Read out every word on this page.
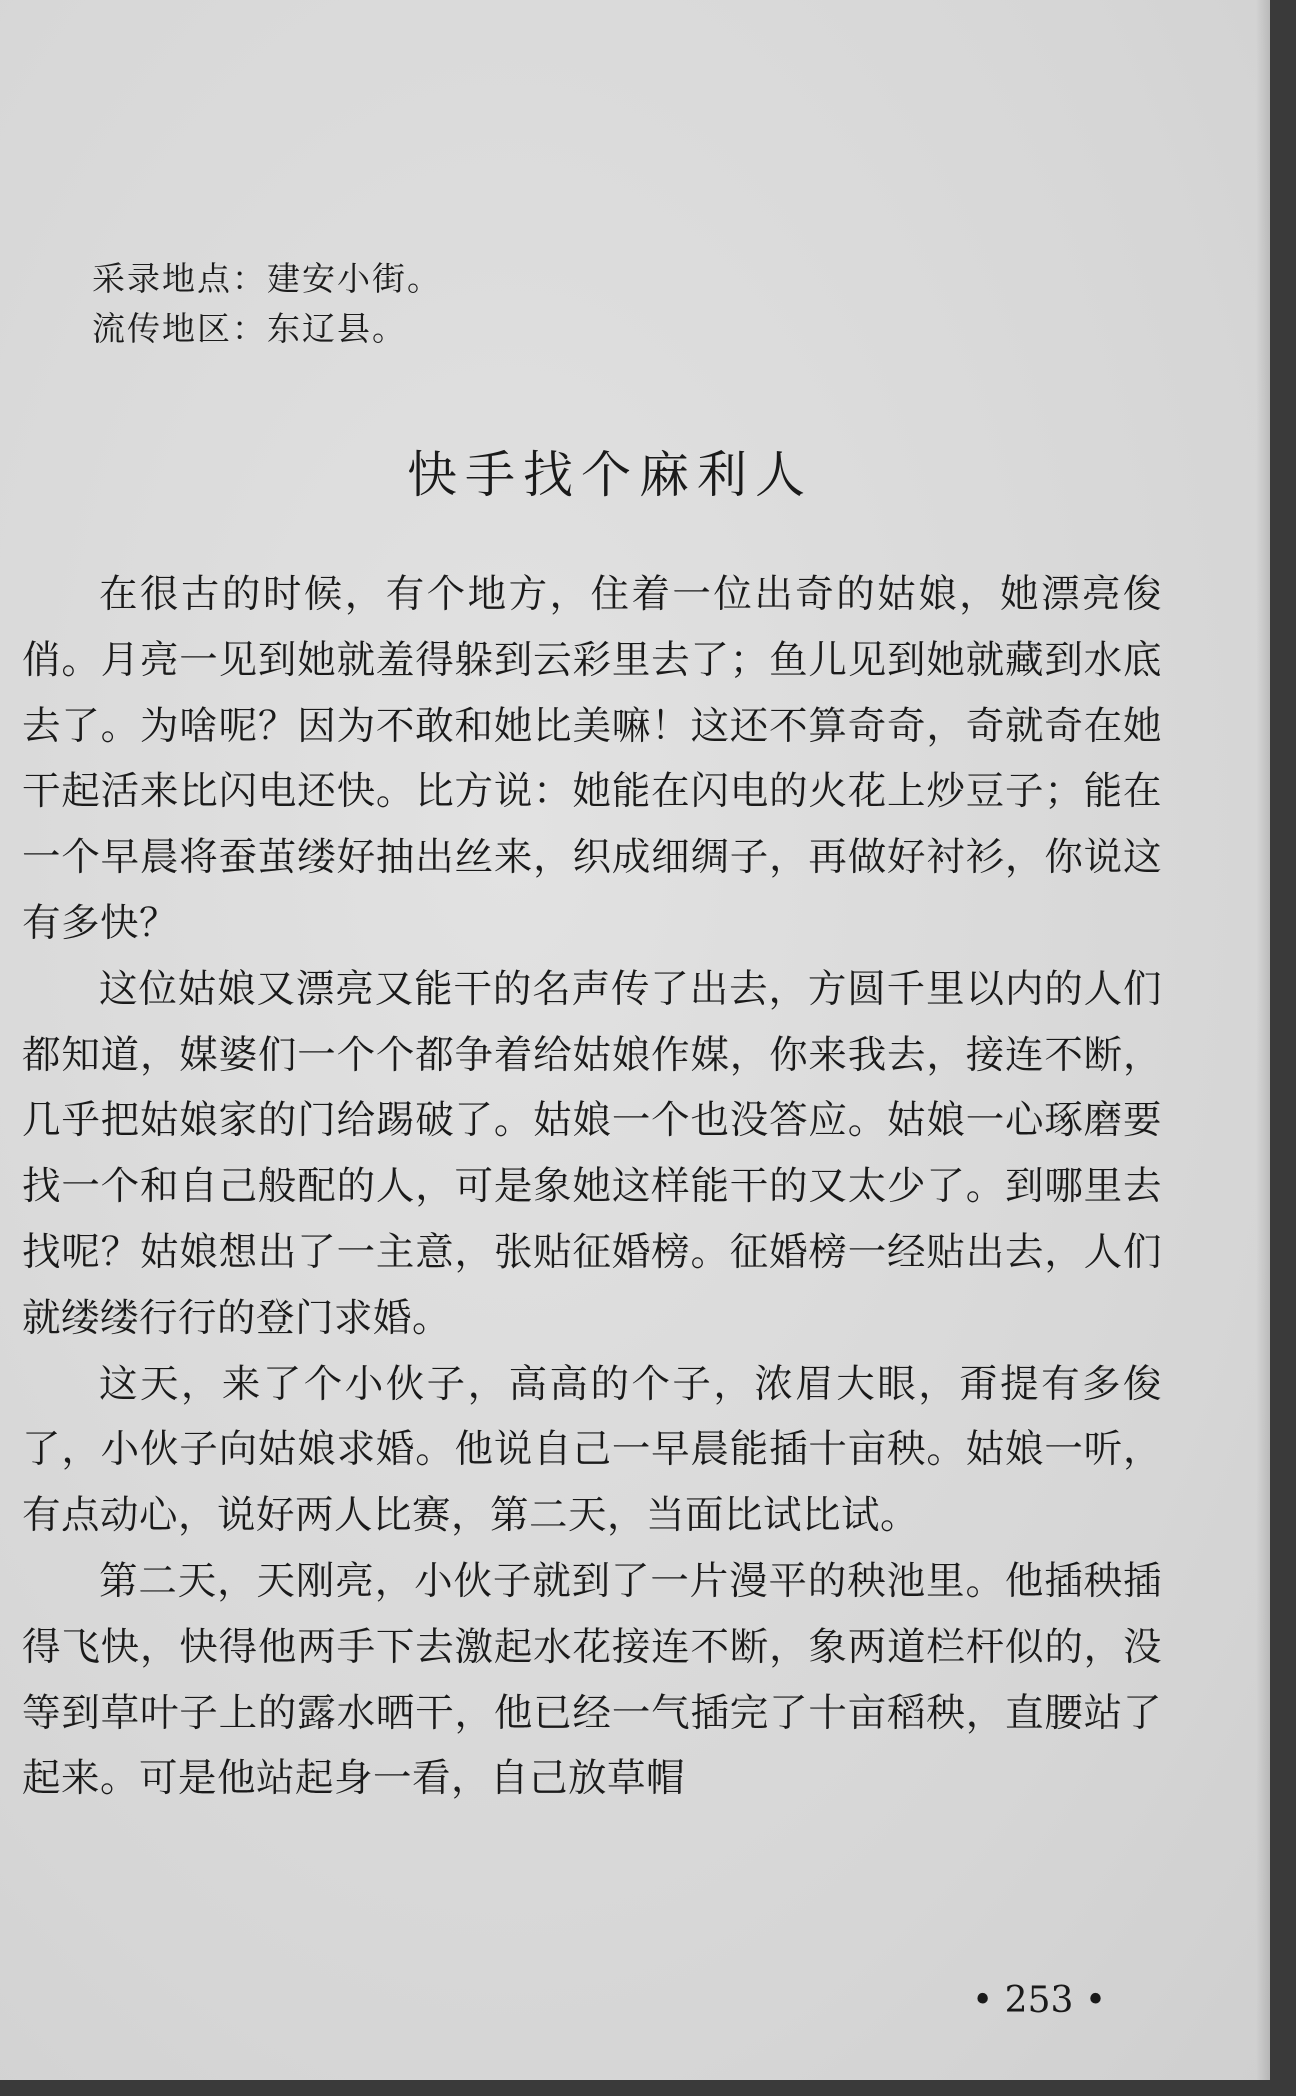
采录地点：建安小街。
流传地区：东辽县。
快手找个麻利人

在很古的时候，有个地方，住着一位出奇的姑娘，她漂亮俊俏。月亮一见到她就羞得躲到云彩里去了；鱼儿见到她就藏到水底去了。为啥呢？因为不敢和她比美嘛！这还不算奇奇，奇就奇在她干起活来比闪电还快。比方说：她能在闪电的火花上炒豆子；能在一个早晨将蚕茧缕好抽出丝来，织成细绸子，再做好衬衫，你说这有多快？

这位姑娘又漂亮又能干的名声传了出去，方圆千里以内的人们都知道，媒婆们一个个都争着给姑娘作媒，你来我去，接连不断，几乎把姑娘家的门给踢破了。姑娘一个也没答应。姑娘一心琢磨要找一个和自己般配的人，可是象她这样能干的又太少了。到哪里去找呢？姑娘想出了一主意，张贴征婚榜。征婚榜一经贴出去，人们就缕缕行行的登门求婚。

这天，来了个小伙子，高高的个子，浓眉大眼，甭提有多俊了，小伙子向姑娘求婚。他说自己一早晨能插十亩秧。姑娘一听，有点动心，说好两人比赛，第二天，当面比试比试。

第二天，天刚亮，小伙子就到了一片漫平的秧池里。他插秧插得飞快，快得他两手下去激起水花接连不断，象两道栏杆似的，没等到草叶子上的露水晒干，他已经一气插完了十亩稻秧，直腰站了起来。可是他站起身一看，自己放草帽

• 253 •
